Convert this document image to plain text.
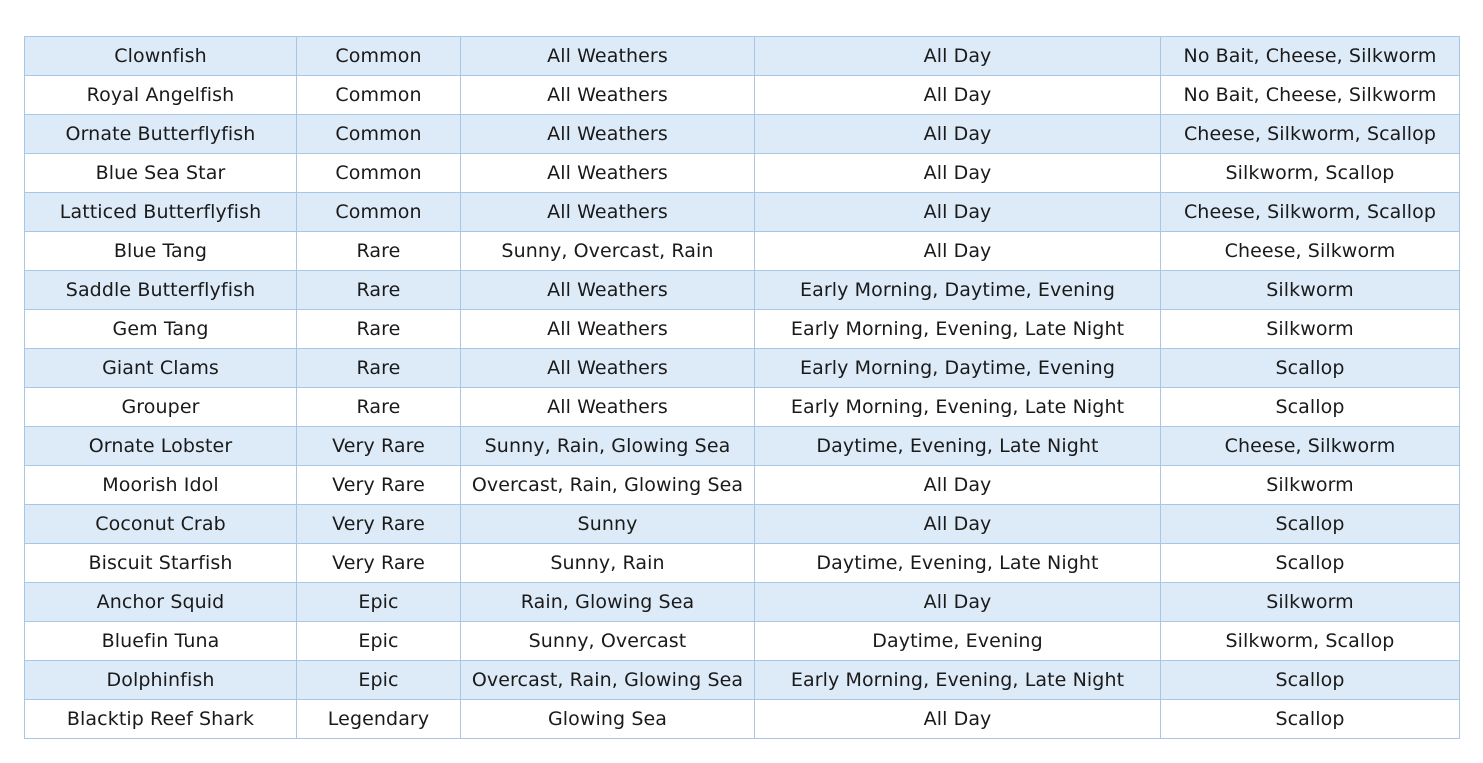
Clownfish	Common	All Weathers	All Day	No Bait, Cheese, Silkworm
Royal Angelfish	Common	All Weathers	All Day	No Bait, Cheese, Silkworm
Ornate Butterflyfish	Common	All Weathers	All Day	Cheese, Silkworm, Scallop
Blue Sea Star	Common	All Weathers	All Day	Silkworm, Scallop
Latticed Butterflyfish	Common	All Weathers	All Day	Cheese, Silkworm, Scallop
Blue Tang	Rare	Sunny, Overcast, Rain	All Day	Cheese, Silkworm
Saddle Butterflyfish	Rare	All Weathers	Early Morning, Daytime, Evening	Silkworm
Gem Tang	Rare	All Weathers	Early Morning, Evening, Late Night	Silkworm
Giant Clams	Rare	All Weathers	Early Morning, Daytime, Evening	Scallop
Grouper	Rare	All Weathers	Early Morning, Evening, Late Night	Scallop
Ornate Lobster	Very Rare	Sunny, Rain, Glowing Sea	Daytime, Evening, Late Night	Cheese, Silkworm
Moorish Idol	Very Rare	Overcast, Rain, Glowing Sea	All Day	Silkworm
Coconut Crab	Very Rare	Sunny	All Day	Scallop
Biscuit Starfish	Very Rare	Sunny, Rain	Daytime, Evening, Late Night	Scallop
Anchor Squid	Epic	Rain, Glowing Sea	All Day	Silkworm
Bluefin Tuna	Epic	Sunny, Overcast	Daytime, Evening	Silkworm, Scallop
Dolphinfish	Epic	Overcast, Rain, Glowing Sea	Early Morning, Evening, Late Night	Scallop
Blacktip Reef Shark	Legendary	Glowing Sea	All Day	Scallop
